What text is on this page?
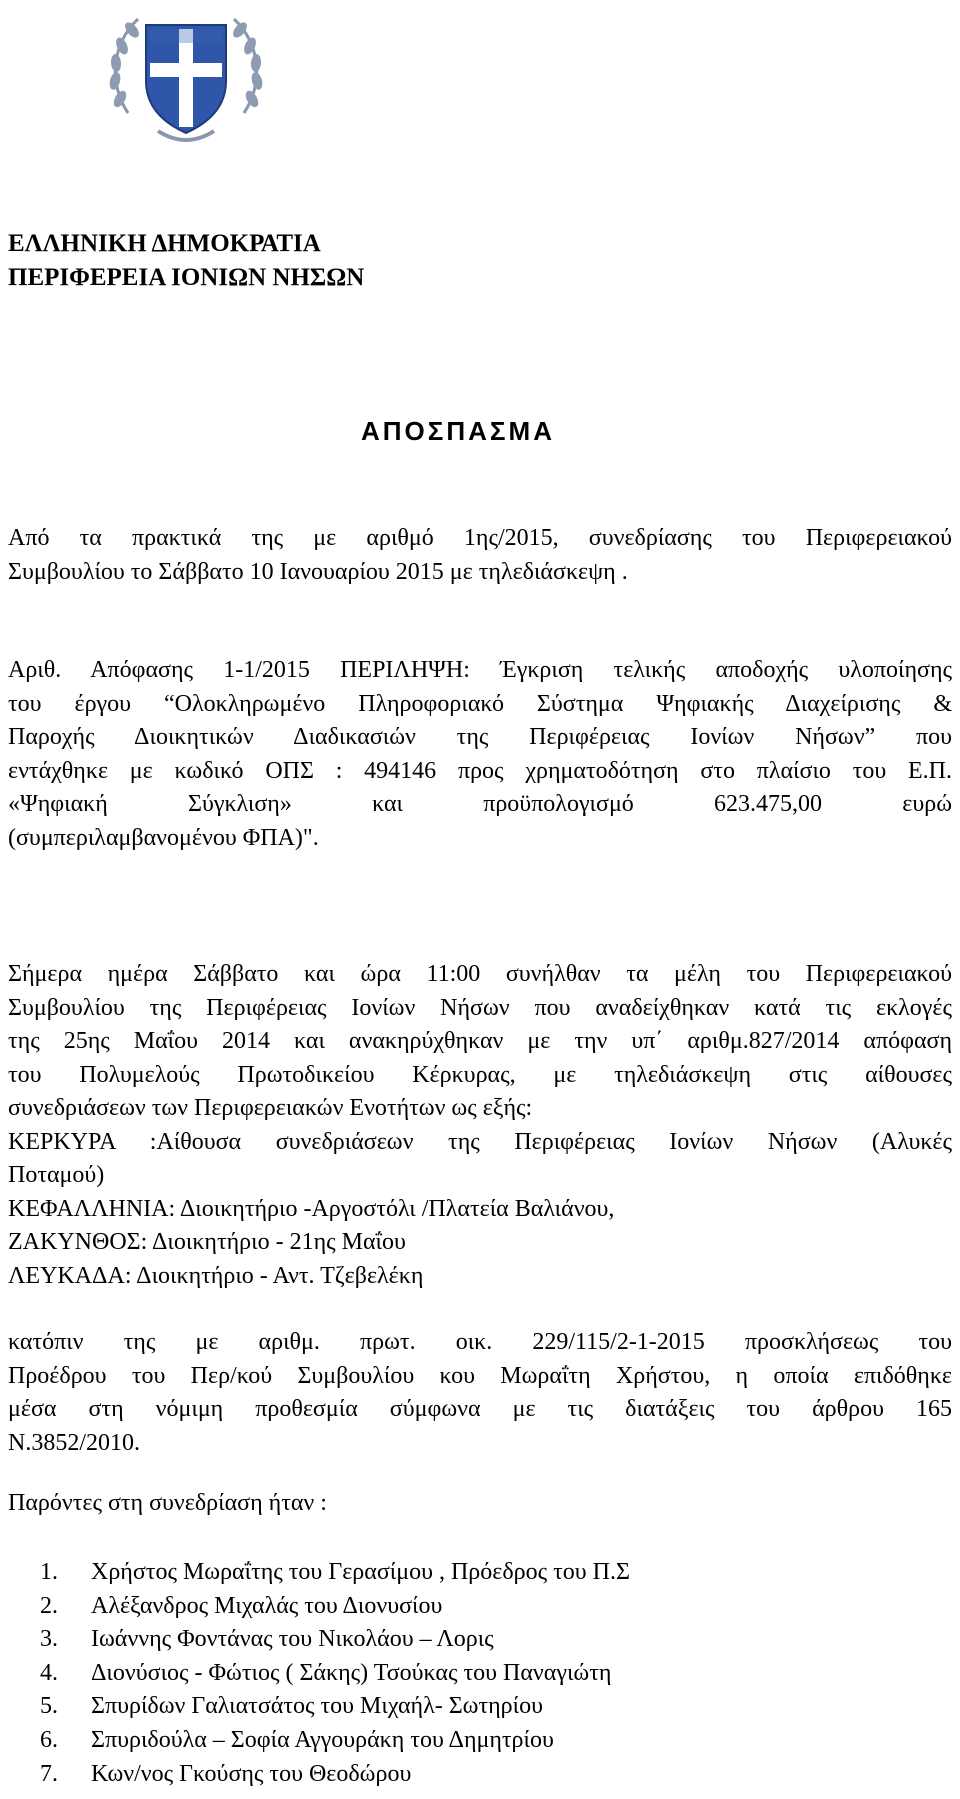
ΕΛΛΗΝΙΚΗ ΔΗΜΟΚΡΑΤΙΑ
ΠΕΡΙΦΕΡΕΙΑ ΙΟΝΙΩΝ ΝΗΣΩΝ
ΑΠΟΣΠΑΣΜΑ
Από τα πρακτικά της με αριθμό 1ης/2015, συνεδρίασης του Περιφερειακού
Συμβουλίου το Σάββατο 10 Ιανουαρίου 2015 με τηλεδιάσκεψη .
Αριθ. Απόφασης 1-1/2015 ΠΕΡΙΛΗΨΗ: Έγκριση τελικής αποδοχής υλοποίησης
του έργου “Ολοκληρωμένο Πληροφοριακό Σύστημα Ψηφιακής Διαχείρισης &
Παροχής Διοικητικών Διαδικασιών της Περιφέρειας Ιονίων Νήσων” που
εντάχθηκε με κωδικό ΟΠΣ : 494146 προς χρηματοδότηση στο πλαίσιο του Ε.Π.
«Ψηφιακή Σύγκλιση» και προϋπολογισμό 623.475,00 ευρώ
(συμπεριλαμβανομένου ΦΠΑ)".
Σήμερα ημέρα Σάββατο και ώρα 11:00 συνήλθαν τα μέλη του Περιφερειακού
Συμβουλίου της Περιφέρειας Ιονίων Νήσων που αναδείχθηκαν κατά τις εκλογές
της 25ης Μαΐου 2014 και ανακηρύχθηκαν με την υπ΄ αριθμ.827/2014 απόφαση
του Πολυμελούς Πρωτοδικείου Κέρκυρας, με τηλεδιάσκεψη στις αίθουσες
συνεδριάσεων των Περιφερειακών Ενοτήτων ως εξής:
ΚΕΡΚΥΡΑ :Αίθουσα συνεδριάσεων της Περιφέρειας Ιονίων Νήσων (Αλυκές
Ποταμού)
ΚΕΦΑΛΛΗΝΙΑ: Διοικητήριο -Αργοστόλι /Πλατεία Βαλιάνου,
ΖΑΚΥΝΘΟΣ: Διοικητήριο - 21ης Μαΐου
ΛΕΥΚΑΔΑ: Διοικητήριο - Αντ. Τζεβελέκη
κατόπιν της με αριθμ. πρωτ. οικ. 229/115/2-1-2015 προσκλήσεως του
Προέδρου του Περ/κού Συμβουλίου κου Μωραΐτη Χρήστου, η οποία επιδόθηκε
μέσα στη νόμιμη προθεσμία σύμφωνα με τις διατάξεις του άρθρου 165
Ν.3852/2010.
Παρόντες στη συνεδρίαση ήταν :
1.	Χρήστος Μωραΐτης του Γερασίμου , Πρόεδρος του Π.Σ
2.	Αλέξανδρος Μιχαλάς του Διονυσίου
3.	Ιωάννης Φοντάνας του Νικολάου – Λορις
4.	Διονύσιος - Φώτιος ( Σάκης) Τσούκας του Παναγιώτη
5.	Σπυρίδων Γαλιατσάτος του Μιχαήλ- Σωτηρίου
6.	Σπυριδούλα – Σοφία Αγγουράκη του Δημητρίου
7.	Κων/νος Γκούσης του Θεοδώρου
